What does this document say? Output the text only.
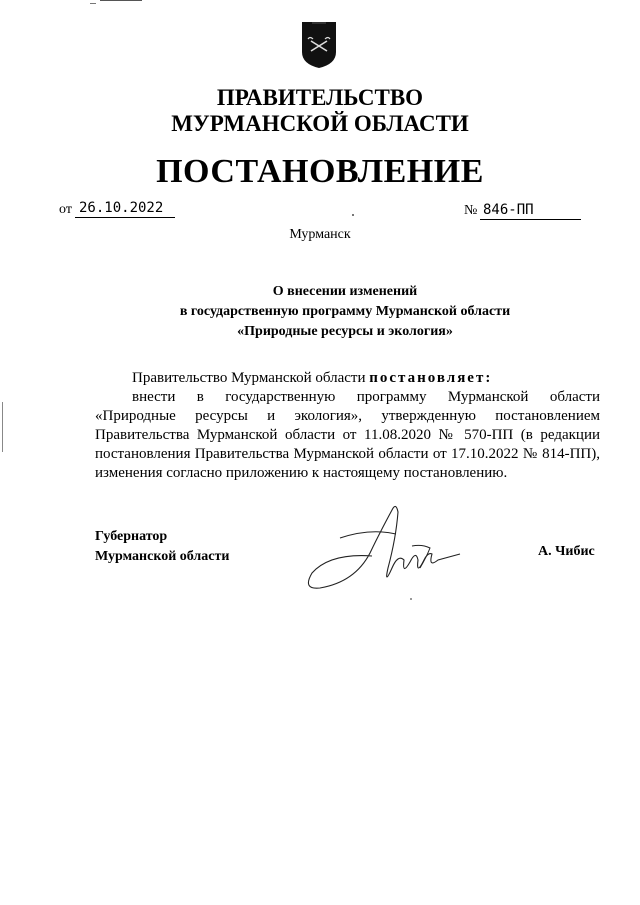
ПРАВИТЕЛЬСТВО
МУРМАНСКОЙ ОБЛАСТИ
ПОСТАНОВЛЕНИЕ
от 26.10.2022	№ 846-ПП
Мурманск
О внесении изменений
в государственную программу Мурманской области
«Природные ресурсы и экология»

Правительство Мурманской области постановляет:

внести в государственную программу Мурманской области

«Природные ресурсы и экология», утвержденную постановлением Правительства Мурманской области от 11.08.2020 № 570-ПП (в редакции постановления Правительства Мурманской области от 17.10.2022 № 814-ПП), изменения согласно приложению к настоящему постановлению.

Губернатор
Мурманской области	А. Чибис
